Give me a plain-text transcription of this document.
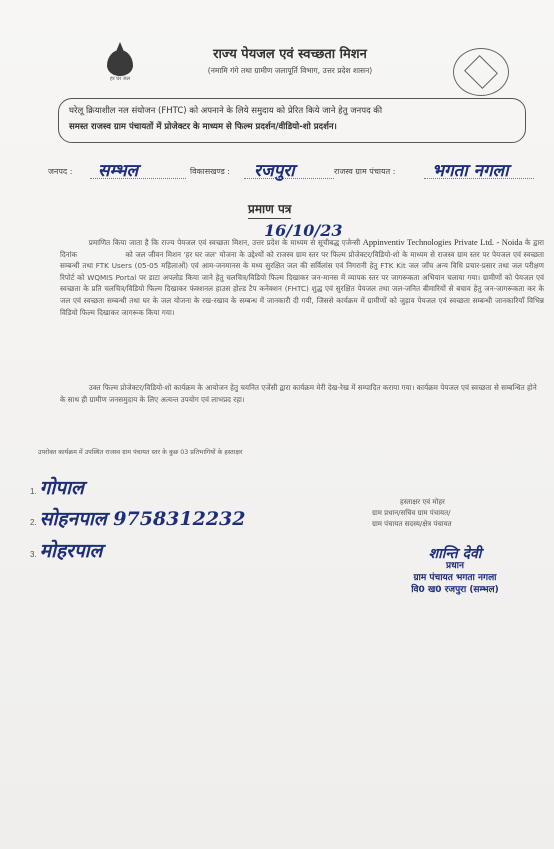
हर घर जल
राज्य पेयजल एवं स्वच्छता मिशन
(नमामि गंगे तथा ग्रामीण जलापूर्ति विभाग, उत्तर प्रदेश शासन)
घरेलू क्रियाशील नल संयोजन (FHTC) को अपनाने के लिये समुदाय को प्रेरित किये जाने हेतु जनपद की
समस्त राजस्व ग्राम पंचायतों में प्रोजेक्टर के माध्यम से फिल्म प्रदर्शन/वीडियो-शो प्रदर्शन।
जनपद : सम्भल	विकासखण्ड : रजपुरा	राजस्व ग्राम पंचायत : भगता नगला
प्रमाण पत्र
16/10/23
    प्रमाणित किया जाता है कि राज्य पेयजल एवं स्वच्छता मिशन, उत्तर प्रदेश के माध्यम से सूचीबद्ध एजेन्सी Appinventiv Technologies Private Ltd. - Noida के द्वारा दिनांक       	को जल जीवन मिशन 'हर घर जल' योजना के उद्देश्यों को राजस्व ग्राम स्तर पर फिल्म प्रोजेक्टर/विडियो-शो के माध्यम से राजस्व ग्राम स्तर पर पेयजल एवं स्वच्छता सम्बन्धी तथा FTK Users (05-05 महिलाओं) एवं आम-जनमानस के मध्य सुरक्षित जल की सर्विलांस एवं निगरानी हेतु FTK Kit जल जाँच अन्य विधि प्रचार-प्रसार तथा जल परीक्षण रिपोर्ट को WQMIS Portal पर डाटा अपलोड किया जाने हेतु चलचित्र/विडियो फिल्म दिखाकर जन-मानस में व्यापक स्तर पर जागरूकता अभियान चलाया गया। ग्रामीणों को पेयजल एवं स्वच्छता के प्रति चलचित्र/विडियो फिल्म दिखाकर फंक्शनल हाउस होल्ड टैप कनेक्शन (FHTC) शुद्ध एवं सुरक्षित पेयजल तथा जल-जनित बीमारियों से बचाव हेतु जन-जागरूकता कर के जल एवं स्वच्छता सम्बन्धी तथा घर के जल योजना के रख-रखाव के सम्बन्ध में जानकारी दी गयी, जिससे कार्यक्रम में ग्रामीणों को जुड़ाव पेयजल एवं स्वच्छता सम्बन्धी जानकारियाँ विभिन्न विडियो फिल्म दिखाकर जागरूक किया गया।
    उक्त फिल्म प्रोजेक्टर/विडियो-शो कार्यक्रम के आयोजन हेतु चयनित एजेंसी द्वारा कार्यक्रम मेरी देख-रेख में सम्पादित कराया गया। कार्यक्रम पेयजल एवं स्वच्छता से सम्बन्धित होने के साथ ही ग्रामीण जनसमुदाय के लिए अत्यन्त उपयोग एवं लाभप्रद रहा।
उपरोक्त कार्यक्रम में उपस्थित राजस्व ग्राम पंचायत स्तर के कुछ 03 प्रतिभागियों के हस्ताक्षर
1. गोपाल
2. सोहनपाल 9758312232
3. मोहरपाल
हस्ताक्षर एवं मोहर
ग्राम प्रधान/सचिव ग्राम पंचायत/
ग्राम पंचायत सदस्य/क्षेत्र पंचायत
शान्ति देवी
प्रधान
ग्राम पंचायत भगता नगला
वि0 ख0 रजपुरा (सम्भल)
